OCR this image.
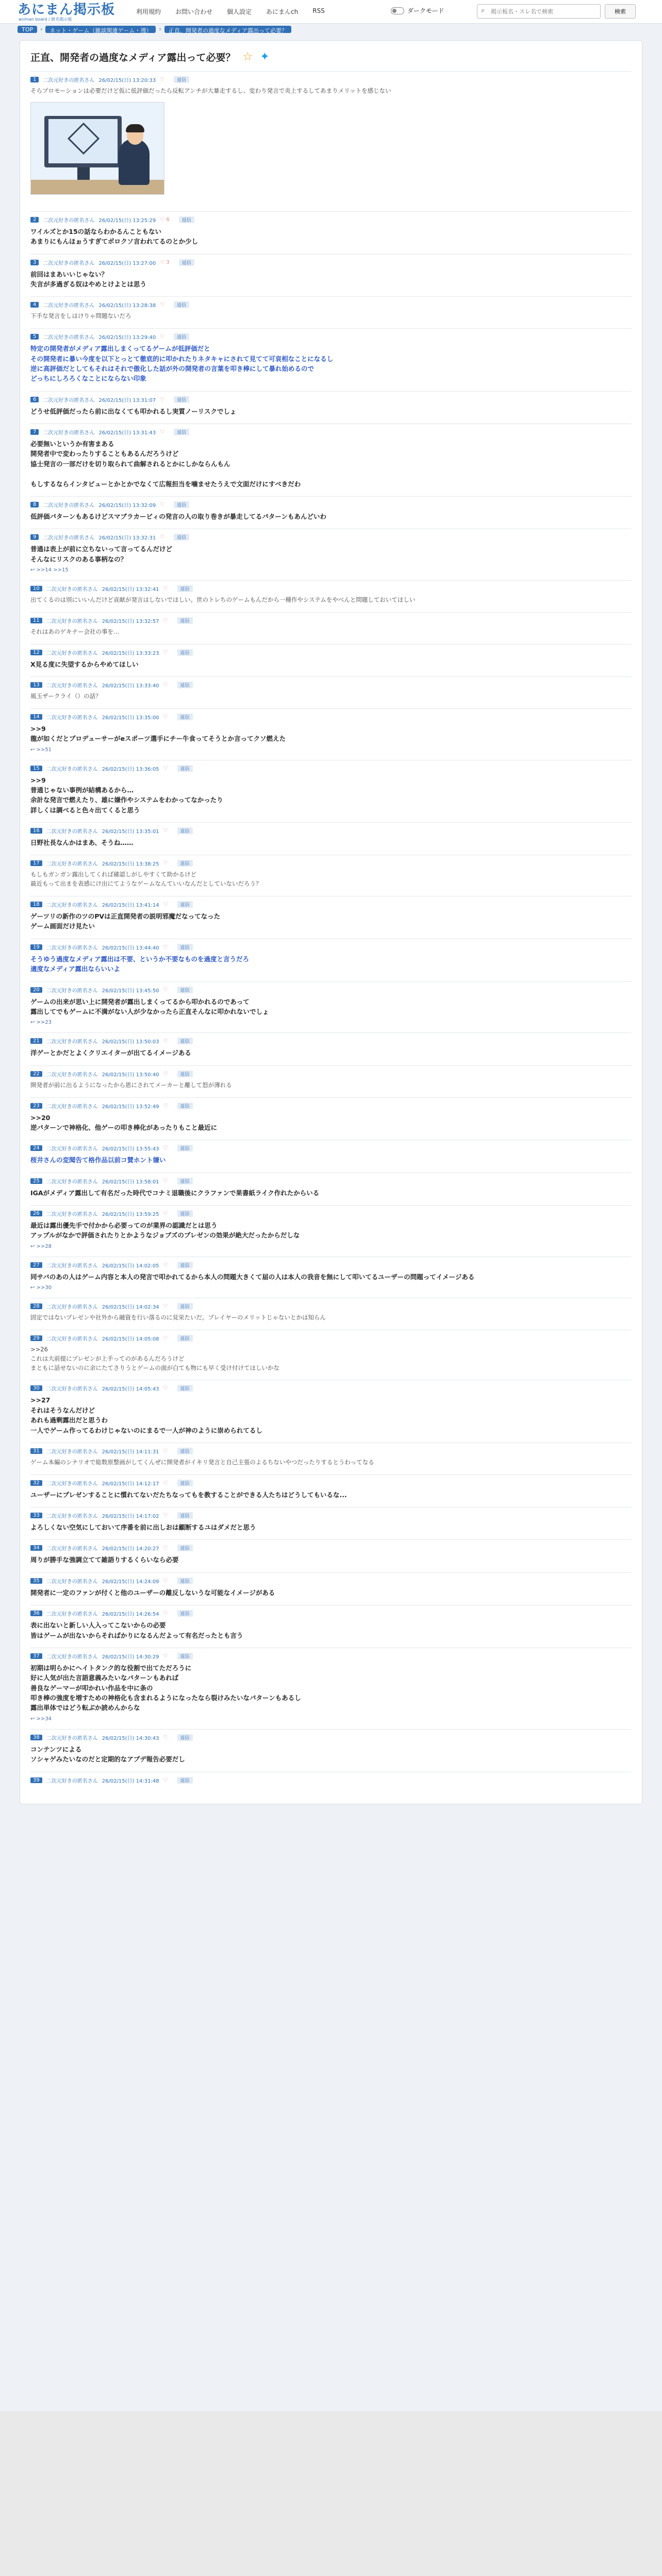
あにまん掲示板
animan board / 匿名掲示板
利用規約 お問い合わせ 個人設定 あにまんch RSS	ダークモード	⌕
掲示板名・スレ名で検索	検索
TOP	›	ネット・ゲーム（雑談関連ゲーム・漫）	›	正直、開発者の過度なメディア露出って必要？
正直、開発者の過度なメディア露出って必要？ ☆ ✦
1	二次元好きの匿名さん 26/02/15(日) 13:20:33 ♡	返信
そらプロモーションは必要だけど仮に低評価だったら反転アンチが大暴走するし、変わり発言で炎上するしてあまりメリットを感じない
2	二次元好きの匿名さん 26/02/15(日) 13:25:29 ♡ 6	返信
ワイルズとか15の話ならわかるんこともない
あまりにもんほぉうすぎてボロクソ言われてるのとか少し
3	二次元好きの匿名さん 26/02/15(日) 13:27:00 ♡ 3	返信
前回はまあいいじゃない？
失言が多過ぎる奴はやめとけよとは思う
4	二次元好きの匿名さん 26/02/15(日) 13:28:38 ♡	返信
下手な発言をしはけりゃ問題ないだろ
5	二次元好きの匿名さん 26/02/15(日) 13:29:40 ♡	返信
特定の開発者がメディア露出しまくってるゲームが低評価だと
その開発者に暴い今度を以下とっとて徹底的に叩かれたりネタキャにされて見てて可哀相なことになるし
逆に高評価だとしてもそれはそれで傲化した話が外の開発者の言葉を叩き棒にして暴れ始めるので
どっちにしろろくなことにならない印象
6	二次元好きの匿名さん 26/02/15(日) 13:31:07 ♡	返信
どうせ低評価だったら前に出なくても叩かれるし実質ノーリスクでしょ
7	二次元好きの匿名さん 26/02/15(日) 13:31:43 ♡	返信
必要無いというか有害まある
開発者中で変わったりすることもあるんだろうけど
協士発言の一部だけを切り取られて曲解されるとかにしかならんもん

もしするならインタビューとかとかでなくて広報担当を噛ませたうえで文面だけにすべきだわ
8	二次元好きの匿名さん 26/02/15(日) 13:32:09 ♡	返信
低評価パターンもあるけどスマブラカービィの発言の人の取り巻きが暴走してるパターンもあんどいわ
9	二次元好きの匿名さん 26/02/15(日) 13:32:31 ♡	返信
普通は表上が前に立ちないって言ってるんだけど
そんなにリスクのある事柄なの？
↩ >>14 >>15
10	二次元好きの匿名さん 26/02/15(日) 13:32:41 ♡	返信
出てくるのは別にいいんだけど貢献が発言はしないでほしい。世のトレちのゲームもんだから一種作やシステムをやべんと問題しておいてほしい
11	二次元好きの匿名さん 26/02/15(日) 13:32:57 ♡	返信
それはあのゲキナー会社の事を…
12	二次元好きの匿名さん 26/02/15(日) 13:33:23 ♡	返信
X見る度に失望するからやめてほしい
13	二次元好きの匿名さん 26/02/15(日) 13:33:40 ♡	返信
風玉ザークライ（）の話？
14	二次元好きの匿名さん 26/02/15(日) 13:35:00 ♡	返信
>>9
龍が如くだとプロデューサーがeスポーツ選手にチー牛食ってそうとか言ってクソ燃えた
↩ >>51
15	二次元好きの匿名さん 26/02/15(日) 13:36:05 ♡	返信
>>9
普通じゃない事例が結構あるから…
余計な発言で燃えたり、雄に嫌作やシステムをわかってなかったり
詳しくは調べると色々出てくると思う
16	二次元好きの匿名さん 26/02/15(日) 13:35:01 ♡	返信
日野社長なんかはまあ、そうね……
17	二次元好きの匿名さん 26/02/15(日) 13:38:25 ♡	返信
もしもガンガン露出してくれば確認しがしやすくて助かるけど
最近もって出まを表感にけ出にてようなゲームなんていいなんだとしていないだろう？
18	二次元好きの匿名さん 26/02/15(日) 13:41:14 ♡	返信
ゲーツリの新作のツのPVは正直開発者の説明邪魔だなってなった
ゲーム画面だけ見たい
19	二次元好きの匿名さん 26/02/15(日) 13:44:40 ♡	返信
そうゆう過度なメディア露出は不要、というか不要なものを過度と言うだろ
適度なメディア露出ならいいよ
20	二次元好きの匿名さん 26/02/15(日) 13:45:50 ♡	返信
ゲームの出来が思い上に開発者が露出しまくってるから叩かれるのであって
露出してでもゲームに不満がない人が少なかったら正直そんなに叩かれないでしょ
↩ >>23
21	二次元好きの匿名さん 26/02/15(日) 13:50:03 ♡	返信
洋ゲーとかだとよくクリエイターが出てるイメージある
22	二次元好きの匿名さん 26/02/15(日) 13:50:40 ♡	返信
開発者が前に出るようになったから恩にされてメーカーと離して怒が薄れる
23	二次元好きの匿名さん 26/02/15(日) 13:52:49 ♡	返信
>>20
逆パターンで神格化、他ゲーの叩き棒化があったりもこと最近に
24	二次元好きの匿名さん 26/02/15(日) 13:55:43 ♡	返信
桜井さんの変聞告て格作品以前コ賛ホント嫌い
25	二次元好きの匿名さん 26/02/15(日) 13:58:01 ♡	返信
IGAがメディア露出して有名だった時代でコナミ退職後にクラファンで果書紙ライク作れたからいる
26	二次元好きの匿名さん 26/02/15(日) 13:59:25 ♡	返信
最近は露出優先手で付かから必要ってのが業界の認識だとは思う
アップルがなかで評価されたりとかようなジョブズのプレゼンの効果が絶大だったからだしな
↩ >>28
27	二次元好きの匿名さん 26/02/15(日) 14:02:05 ♡	返信
同サバのあの人はゲーム内容と本人の発言で叩かれてるから本人の問題大きくて届の人は本人の我音を無にして叩いてるユーザーの問題ってイメージある
↩ >>30
28	二次元好きの匿名さん 26/02/15(日) 14:02:34 ♡	返信
固定ではないプレゼンや社外から融資を行い落るのに見栄たいだ。プレイヤーのメリットじゃないとかは知らん
29	二次元好きの匿名さん 26/02/15(日) 14:05:08 ♡	返信
>>26
これは大前提にプレゼンが上手ってのがあるんだろうけど
まともに話せないのに余にたてさりうとゲームの面が白ても物にも早く受け付けてほしいかな
30	二次元好きの匿名さん 26/02/15(日) 14:05:43 ♡	返信
>>27
それはそうなんだけど
あれも過剰露出だと思うわ
一人でゲーム作ってるわけじゃないのにまるで一人が神のように崇められてるし
31	二次元好きの匿名さん 26/02/15(日) 14:11:31 ♡	返信
ゲーム本編のシナリオで総数原整画がしてくんぜに開発者がイキリ発言と自己主張のよるちないやつだったりするとうわってなる
32	二次元好きの匿名さん 26/02/15(日) 14:12:17 ♡	返信
ユーザーにプレゼンすることに慣れてないだたちなってもを教することができる人たちはどうしてもいるな...
33	二次元好きの匿名さん 26/02/15(日) 14:17:02 ♡	返信
よろしくない空気にしておいて序番を前に出しおは顧断するユはダメだと思う
34	二次元好きの匿名さん 26/02/15(日) 14:20:27 ♡	返信
周りが勝手な強調立てて雑語りするくらいなら必要
35	二次元好きの匿名さん 26/02/15(日) 14:24:09 ♡	返信
開発者に一定のファンが付くと他のユーザーの離反しないうな可能なイメージがある
36	二次元好きの匿名さん 26/02/15(日) 14:26:54 ♡	返信
表に出ないと新しい人入ってこないからの必要
皆はゲームが出ないからそればかりになるんだよって有名だったとも言う
37	二次元好きの匿名さん 26/02/15(日) 14:30:29 ♡	返信
初期は明らかにヘイトタンク的な役割で出てただろうに
好に人気が出た言語意義みたいなパターンもあれば
善良なゲーマーが叩かれい作品を中に条の
叩き棒の強度を増すための神格化も含まれるようになったなら裂けみたいなパターンもあるし
露出単体ではどう転ぶか読めんからな
↩ >>34
38	二次元好きの匿名さん 26/02/15(日) 14:30:43 ♡	返信
コンテンツによる
ソシャゲみたいなのだと定期的なアプデ報告必要だし
39	二次元好きの匿名さん 26/02/15(日) 14:31:48 ♡	返信
